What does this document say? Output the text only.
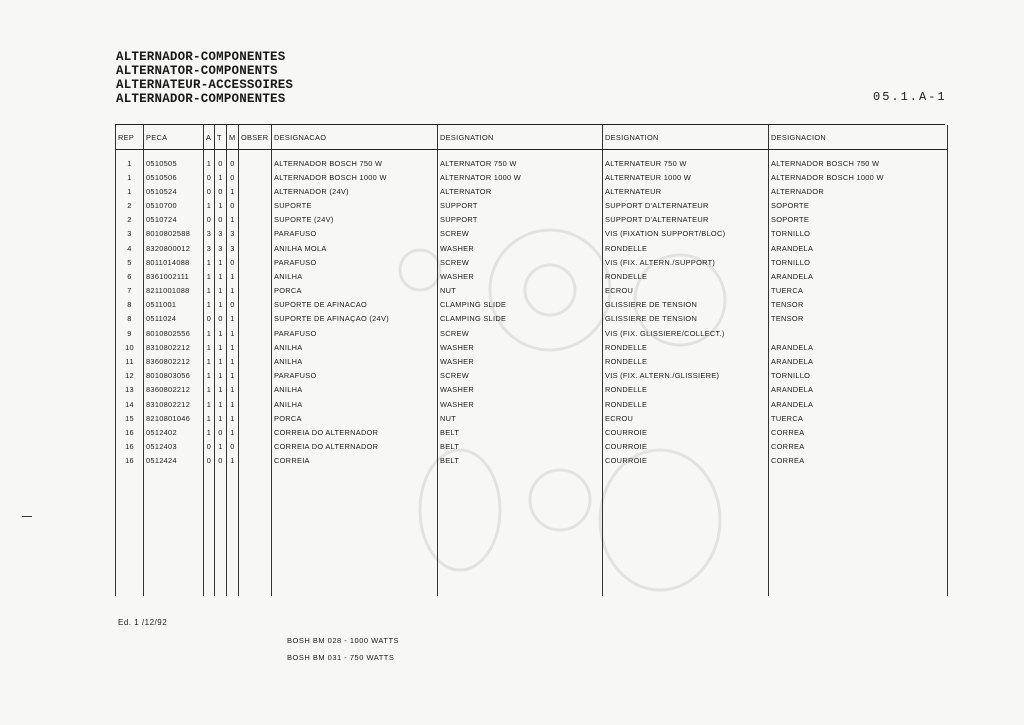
ALTERNADOR-COMPONENTES
ALTERNATOR-COMPONENTS
ALTERNATEUR-ACCESSOIRES
ALTERNADOR-COMPONENTES	05.1.A-1
REP	PECA	A	T	M	OBSER	DESIGNACAO	DESIGNATION	DESIGNATION	DESIGNACION
1	0510505	1	0	0		ALTERNADOR BOSCH 750 W	ALTERNATOR 750 W	ALTERNATEUR 750 W	ALTERNADOR BOSCH 750 W
1	0510506	0	1	0		ALTERNADOR BOSCH 1000 W	ALTERNATOR 1000 W	ALTERNATEUR 1000 W	ALTERNADOR BOSCH 1000 W
1	0510524	0	0	1		ALTERNADOR (24V)	ALTERNATOR	ALTERNATEUR	ALTERNADOR
2	0510700	1	1	0		SUPORTE	SUPPORT	SUPPORT D'ALTERNATEUR	SOPORTE
2	0510724	0	0	1		SUPORTE (24V)	SUPPORT	SUPPORT D'ALTERNATEUR	SOPORTE
3	8010802588	3	3	3		PARAFUSO	SCREW	VIS (FIXATION SUPPORT/BLOC)	TORNILLO
4	8320800012	3	3	3		ANILHA MOLA	WASHER	RONDELLE	ARANDELA
5	8011014088	1	1	0		PARAFUSO	SCREW	VIS (FIX. ALTERN./SUPPORT)	TORNILLO
6	8361002111	1	1	1		ANILHA	WASHER	RONDELLE	ARANDELA
7	8211001088	1	1	1		PORCA	NUT	ECROU	TUERCA
8	0511001	1	1	0		SUPORTE DE AFINACAO	CLAMPING SLIDE	GLISSIERE DE TENSION	TENSOR
8	0511024	0	0	1		SUPORTE DE AFINAÇAO (24V)	CLAMPING SLIDE	GLISSIERE DE TENSION	TENSOR
9	8010802556	1	1	1		PARAFUSO	SCREW	VIS (FIX. GLISSIERE/COLLECT.)	
10	8310802212	1	1	1		ANILHA	WASHER	RONDELLE	ARANDELA
11	8360802212	1	1	1		ANILHA	WASHER	RONDELLE	ARANDELA
12	8010803056	1	1	1		PARAFUSO	SCREW	VIS (FIX. ALTERN./GLISSIERE)	TORNILLO
13	8360802212	1	1	1		ANILHA	WASHER	RONDELLE	ARANDELA
14	8310802212	1	1	1		ANILHA	WASHER	RONDELLE	ARANDELA
15	8210801046	1	1	1		PORCA	NUT	ECROU	TUERCA
16	0512402	1	0	1		CORREIA DO ALTERNADOR	BELT	COURROIE	CORREA
16	0512403	0	1	0		CORREIA DO ALTERNADOR	BELT	COURROIE	CORREA
16	0512424	0	0	1		CORREIA	BELT	COURROIE	CORREA

Ed. 1 /12/92
BOSH BM 028 - 1000 WATTS
BOSH BM 031 - 750 WATTS
